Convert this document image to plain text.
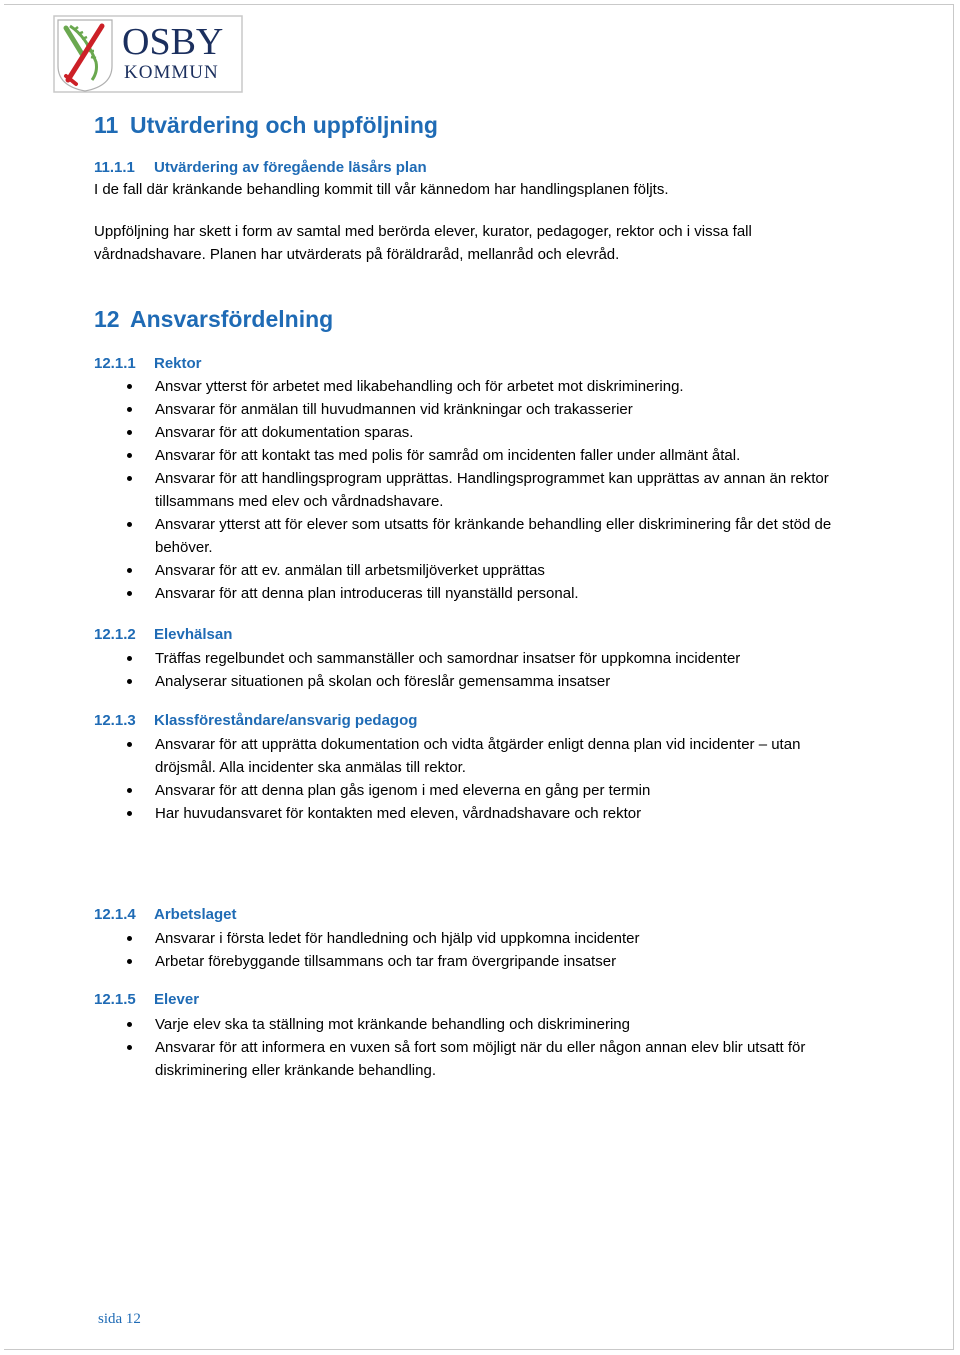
OSBY
KOMMUN
11 Utvärdering och uppföljning
11.1.1 Utvärdering av föregående läsårs plan

I de fall där kränkande behandling kommit till vår kännedom har handlingsplanen följts.

Uppföljning har skett i form av samtal med berörda elever, kurator, pedagoger, rektor och i vissa fall

vårdnadshavare. Planen har utvärderats på föräldraråd, mellanråd och elevråd.

12 Ansvarsfördelning
12.1.1 Rektor
Ansvar ytterst för arbetet med likabehandling och för arbetet mot diskriminering.
Ansvarar för anmälan till huvudmannen vid kränkningar och trakasserier
Ansvarar för att dokumentation sparas.
Ansvarar för att kontakt tas med polis för samråd om incidenten faller under allmänt åtal.
Ansvarar för att handlingsprogram upprättas. Handlingsprogrammet kan upprättas av annan än rektor tillsammans med elev och vårdnadshavare.
Ansvarar ytterst att för elever som utsatts för kränkande behandling eller diskriminering får det stöd de behöver.
Ansvarar för att ev. anmälan till arbetsmiljöverket upprättas
Ansvarar för att denna plan introduceras till nyanställd personal.
12.1.2 Elevhälsan
Träffas regelbundet och sammanställer och samordnar insatser för uppkomna incidenter
Analyserar situationen på skolan och föreslår gemensamma insatser
12.1.3 Klassföreståndare/ansvarig pedagog
Ansvarar för att upprätta dokumentation och vidta åtgärder enligt denna plan vid incidenter – utan dröjsmål. Alla incidenter ska anmälas till rektor.
Ansvarar för att denna plan gås igenom i med eleverna en gång per termin
Har huvudansvaret för kontakten med eleven, vårdnadshavare och rektor
12.1.4 Arbetslaget
Ansvarar i första ledet för handledning och hjälp vid uppkomna incidenter
Arbetar förebyggande tillsammans och tar fram övergripande insatser
12.1.5 Elever
Varje elev ska ta ställning mot kränkande behandling och diskriminering
Ansvarar för att informera en vuxen så fort som möjligt när du eller någon annan elev blir utsatt för diskriminering eller kränkande behandling.
sida 12
